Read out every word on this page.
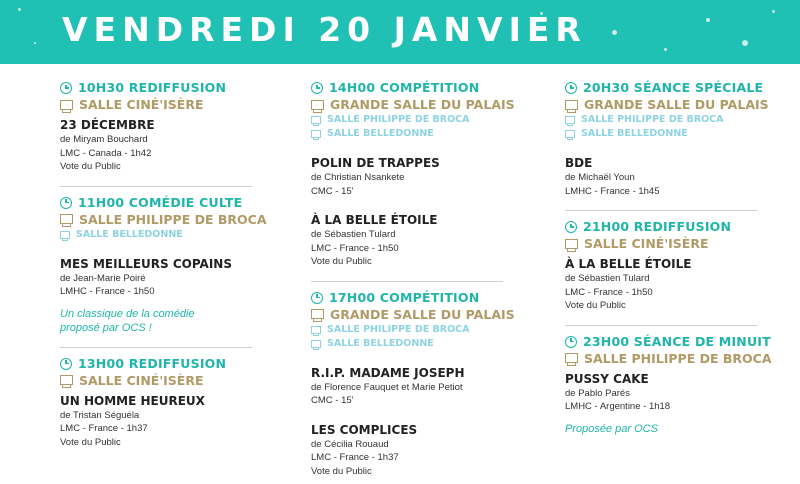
VENDREDI 20 JANVIER
10H30 REDIFFUSION
SALLE CINÉ'ISÈRE
23 DÉCEMBRE
de Miryam Bouchard
LMC - Canada - 1h42
Vote du Public
11H00 COMÉDIE CULTE
SALLE PHILIPPE DE BROCA
SALLE BELLEDONNE
MES MEILLEURS COPAINS
de Jean-Marie Poiré
LMHC - France - 1h50
Un classique de la comédie
proposé par OCS !
13H00 REDIFFUSION
SALLE CINÉ'ISÈRE
UN HOMME HEUREUX
de Tristan Séguéla
LMC - France - 1h37
Vote du Public
14H00 COMPÉTITION
GRANDE SALLE DU PALAIS
SALLE PHILIPPE DE BROCA
SALLE BELLEDONNE
POLIN DE TRAPPES
de Christian Nsankete
CMC - 15'
À LA BELLE ÉTOILE
de Sébastien Tulard
LMC - France - 1h50
Vote du Public
17H00 COMPÉTITION
GRANDE SALLE DU PALAIS
SALLE PHILIPPE DE BROCA
SALLE BELLEDONNE
R.I.P. MADAME JOSEPH
de Florence Fauquet et Marie Petiot
CMC - 15'
LES COMPLICES
de Cécilia Rouaud
LMC - France - 1h37
Vote du Public
20H30 SÉANCE SPÉCIALE
GRANDE SALLE DU PALAIS
SALLE PHILIPPE DE BROCA
SALLE BELLEDONNE
BDE
de Michaël Youn
LMHC - France - 1h45
21H00 REDIFFUSION
SALLE CINÉ'ISÈRE
À LA BELLE ÉTOILE
de Sébastien Tulard
LMC - France - 1h50
Vote du Public
23H00 SÉANCE DE MINUIT
SALLE PHILIPPE DE BROCA
PUSSY CAKE
de Pablo Parés
LMHC - Argentine - 1h18
Proposée par OCS
